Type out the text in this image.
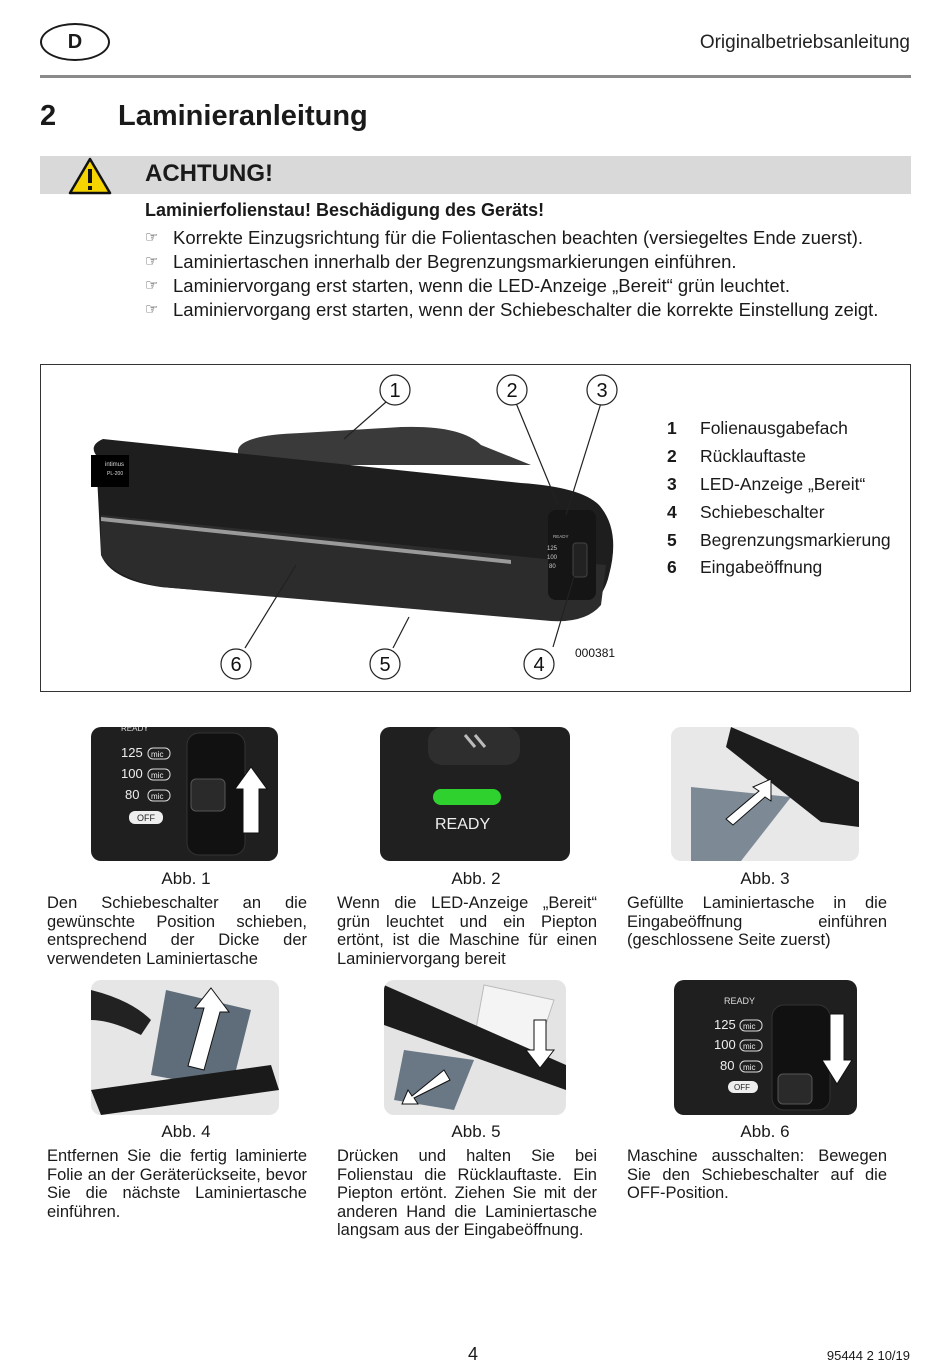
D	Originalbetriebsanleitung
2 Laminieranleitung
ACHTUNG!
Laminierfolienstau! Beschädigung des Geräts!
☞ Korrekte Einzugsrichtung für die Folientaschen beachten (versiegeltes Ende zuerst).
☞ Laminiertaschen innerhalb der Begrenzungsmarkierungen einführen.
☞ Laminiervorgang erst starten, wenn die LED-Anzeige „Bereit“ grün leuchtet.
☞ Laminiervorgang erst starten, wenn der Schiebeschalter die korrekte Einstellung zeigt.
intimus
PL-200
READY
125
100
80
1	2	3
4
5
6
000381
1	Folienausgabefach
2	Rücklauftaste
3	LED-Anzeige „Bereit“
4	Schiebeschalter
5	Begrenzungsmarkierung
6	Eingabeöffnung
READY
125 mic
100 mic
80 mic
OFF	READY
Abb. 1	Abb. 2	Abb. 3
Den Schiebeschalter an die gewünschte Position schieben, entsprechend der Dicke der verwendeten Laminiertasche
Wenn die LED-Anzeige „Bereit“ grün leuchtet und ein Piepton ertönt, ist die Maschine für einen Laminiervorgang bereit
Gefüllte Laminiertasche in die Eingabeöffnung einführen (geschlossene Seite zuerst)
READY
125 mic
100 mic
80 mic
OFF
Abb. 4	Abb. 5	Abb. 6
Entfernen Sie die fertig laminierte Folie an der Geräterückseite, bevor Sie die nächste Laminiertasche einführen.
Drücken und halten Sie bei Folienstau die Rücklauftaste. Ein Piepton ertönt. Ziehen Sie mit der anderen Hand die Laminiertasche langsam aus der Eingabeöffnung.
Maschine ausschalten: Bewegen Sie den Schiebeschalter auf die OFF-Position.
4	95444 2 10/19
